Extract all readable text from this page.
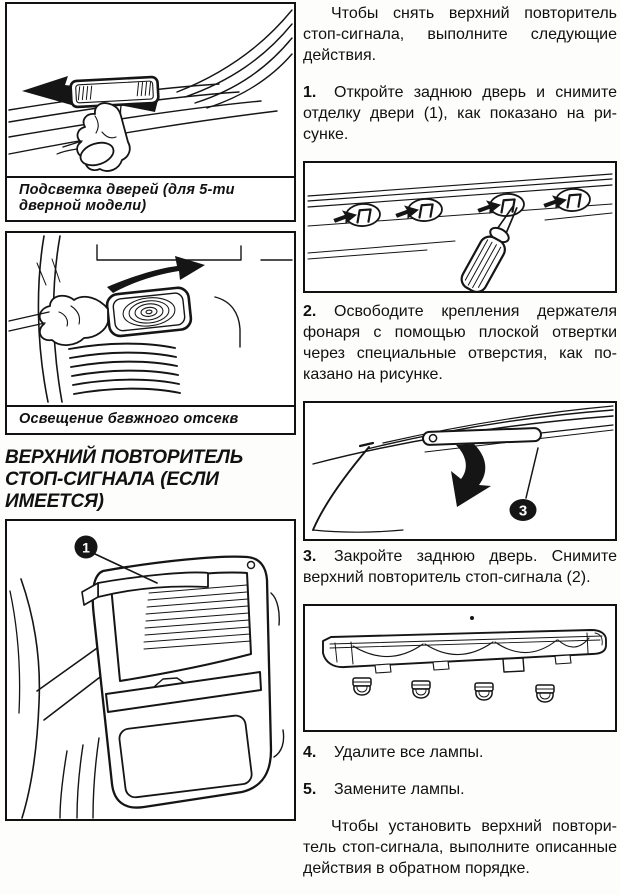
Подсветка дверей (для 5-ти дверной модели)
Освещение бгвжного отсекв
ВЕРХНИЙ ПОВТОРИТЕЛЬ СТОП-СИГНАЛА (ЕСЛИ ИМЕЕТСЯ)
1

Чтобы снять верхний повторитель стоп-сигнала, выполните следующие действия.

1. Откройте заднюю дверь и снимите отделку двери (1), как показано на рисунке.

2. Освободите крепления держателя фонаря с помощью плоской отвертки через специальные отверстия, как показано на рисунке.

3

3. Закройте заднюю дверь. Снимите верхний повторитель стоп-сигнала (2).

4. Удалите все лампы.

5. Замените лампы.

Чтобы установить верхний повторитель стоп-сигнала, выполните описанные действия в обратном порядке.
